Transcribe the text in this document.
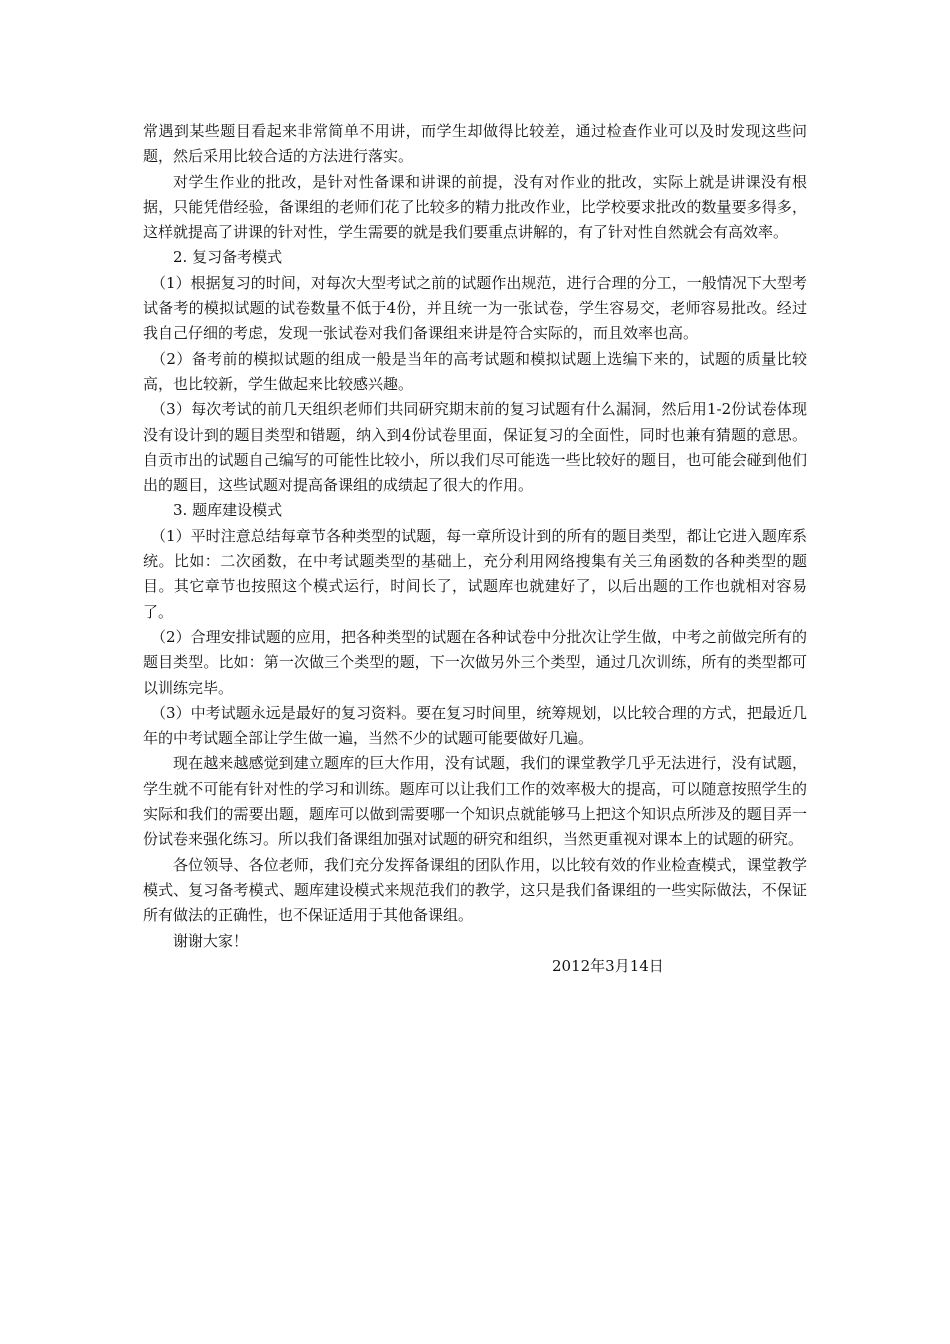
常遇到某些题目看起来非常简单不用讲，而学生却做得比较差，通过检查作业可以及时发现这些问题，然后采用比较合适的方法进行落实。

对学生作业的批改，是针对性备课和讲课的前提，没有对作业的批改，实际上就是讲课没有根据，只能凭借经验，备课组的老师们花了比较多的精力批改作业，比学校要求批改的数量要多得多，这样就提高了讲课的针对性，学生需要的就是我们要重点讲解的，有了针对性自然就会有高效率。

2. 复习备考模式

（1）根据复习的时间，对每次大型考试之前的试题作出规范，进行合理的分工，一般情况下大型考试备考的模拟试题的试卷数量不低于4份，并且统一为一张试卷，学生容易交，老师容易批改。经过我自己仔细的考虑，发现一张试卷对我们备课组来讲是符合实际的，而且效率也高。

（2）备考前的模拟试题的组成一般是当年的高考试题和模拟试题上选编下来的，试题的质量比较高，也比较新，学生做起来比较感兴趣。

（3）每次考试的前几天组织老师们共同研究期末前的复习试题有什么漏洞，然后用1-2份试卷体现没有设计到的题目类型和错题，纳入到4份试卷里面，保证复习的全面性，同时也兼有猜题的意思。自贡市出的试题自己编写的可能性比较小，所以我们尽可能选一些比较好的题目，也可能会碰到他们出的题目，这些试题对提高备课组的成绩起了很大的作用。

3. 题库建设模式

（1）平时注意总结每章节各种类型的试题，每一章所设计到的所有的题目类型，都让它进入题库系统。比如：二次函数，在中考试题类型的基础上，充分利用网络搜集有关三角函数的各种类型的题目。其它章节也按照这个模式运行，时间长了，试题库也就建好了，以后出题的工作也就相对容易了。

（2）合理安排试题的应用，把各种类型的试题在各种试卷中分批次让学生做，中考之前做完所有的题目类型。比如：第一次做三个类型的题，下一次做另外三个类型，通过几次训练，所有的类型都可以训练完毕。

（3）中考试题永远是最好的复习资料。要在复习时间里，统筹规划，以比较合理的方式，把最近几年的中考试题全部让学生做一遍，当然不少的试题可能要做好几遍。

现在越来越感觉到建立题库的巨大作用，没有试题，我们的课堂教学几乎无法进行，没有试题，学生就不可能有针对性的学习和训练。题库可以让我们工作的效率极大的提高，可以随意按照学生的实际和我们的需要出题，题库可以做到需要哪一个知识点就能够马上把这个知识点所涉及的题目弄一份试卷来强化练习。所以我们备课组加强对试题的研究和组织，当然更重视对课本上的试题的研究。

各位领导、各位老师，我们充分发挥备课组的团队作用，以比较有效的作业检查模式，课堂教学模式、复习备考模式、题库建设模式来规范我们的教学，这只是我们备课组的一些实际做法，不保证所有做法的正确性，也不保证适用于其他备课组。

谢谢大家！

2012年3月14日
